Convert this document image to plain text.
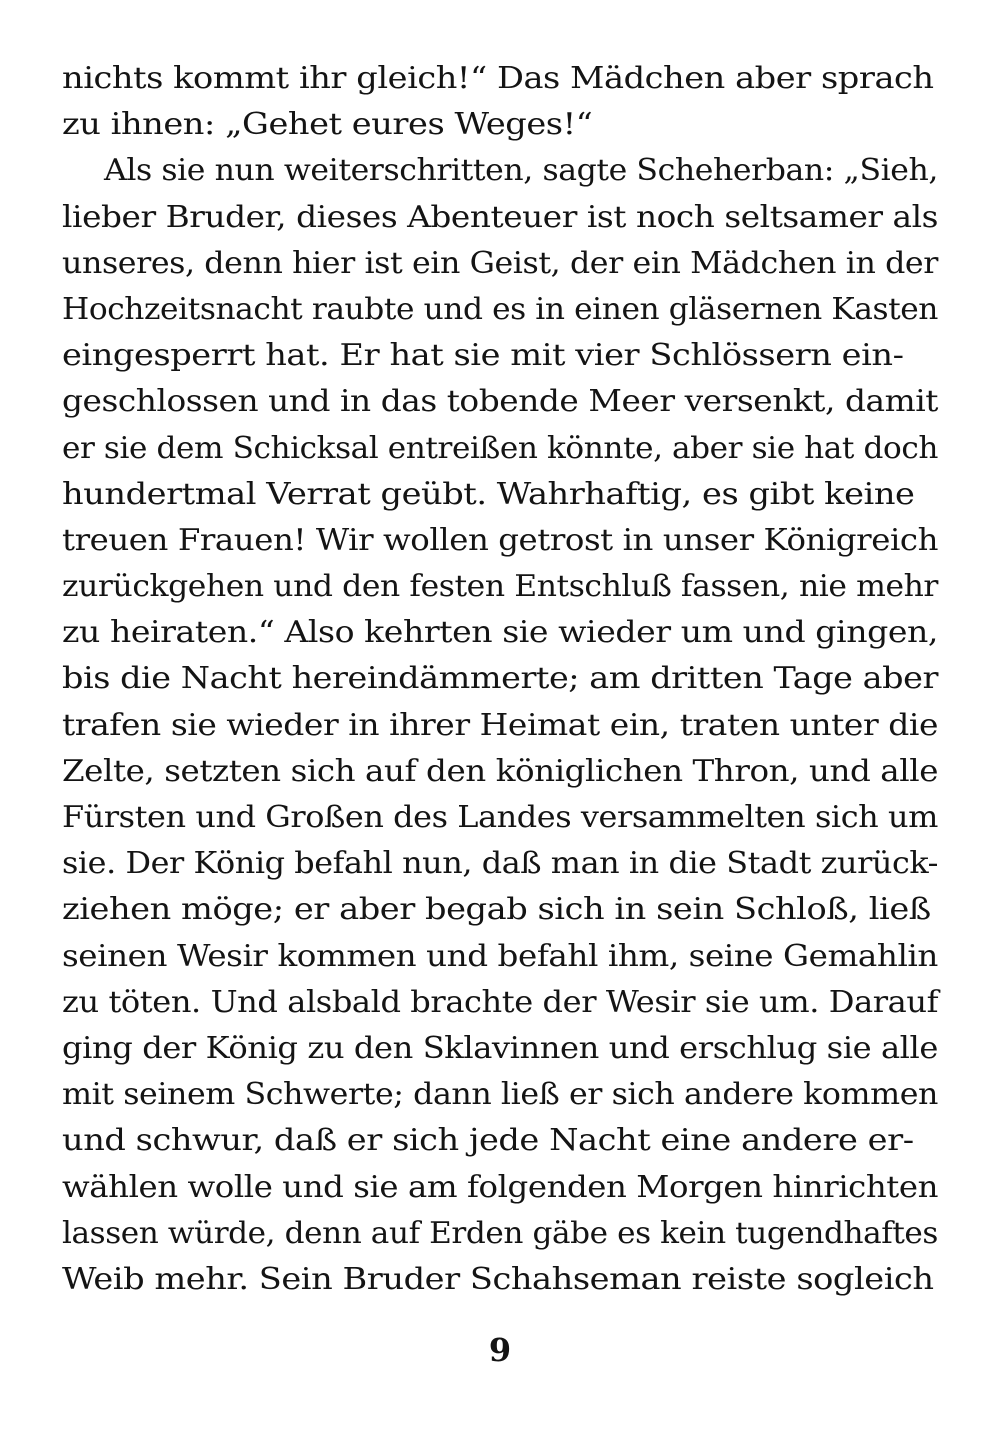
nichts kommt ihr gleich!“ Das Mädchen aber sprach
zu ihnen: „Gehet eures Weges!“
Als sie nun weiterschritten, sagte Scheherban: „Sieh,
lieber Bruder, dieses Abenteuer ist noch seltsamer als
unseres, denn hier ist ein Geist, der ein Mädchen in der
Hochzeitsnacht raubte und es in einen gläsernen Kasten
eingesperrt hat. Er hat sie mit vier Schlössern ein-
geschlossen und in das tobende Meer versenkt, damit
er sie dem Schicksal entreißen könnte, aber sie hat doch
hundertmal Verrat geübt. Wahrhaftig, es gibt keine
treuen Frauen! Wir wollen getrost in unser Königreich
zurückgehen und den festen Entschluß fassen, nie mehr
zu heiraten.“ Also kehrten sie wieder um und gingen,
bis die Nacht hereindämmerte; am dritten Tage aber
trafen sie wieder in ihrer Heimat ein, traten unter die
Zelte, setzten sich auf den königlichen Thron, und alle
Fürsten und Großen des Landes versammelten sich um
sie. Der König befahl nun, daß man in die Stadt zurück-
ziehen möge; er aber begab sich in sein Schloß, ließ
seinen Wesir kommen und befahl ihm, seine Gemahlin
zu töten. Und alsbald brachte der Wesir sie um. Darauf
ging der König zu den Sklavinnen und erschlug sie alle
mit seinem Schwerte; dann ließ er sich andere kommen
und schwur, daß er sich jede Nacht eine andere er-
wählen wolle und sie am folgenden Morgen hinrichten
lassen würde, denn auf Erden gäbe es kein tugendhaftes
Weib mehr. Sein Bruder Schahseman reiste sogleich
9
